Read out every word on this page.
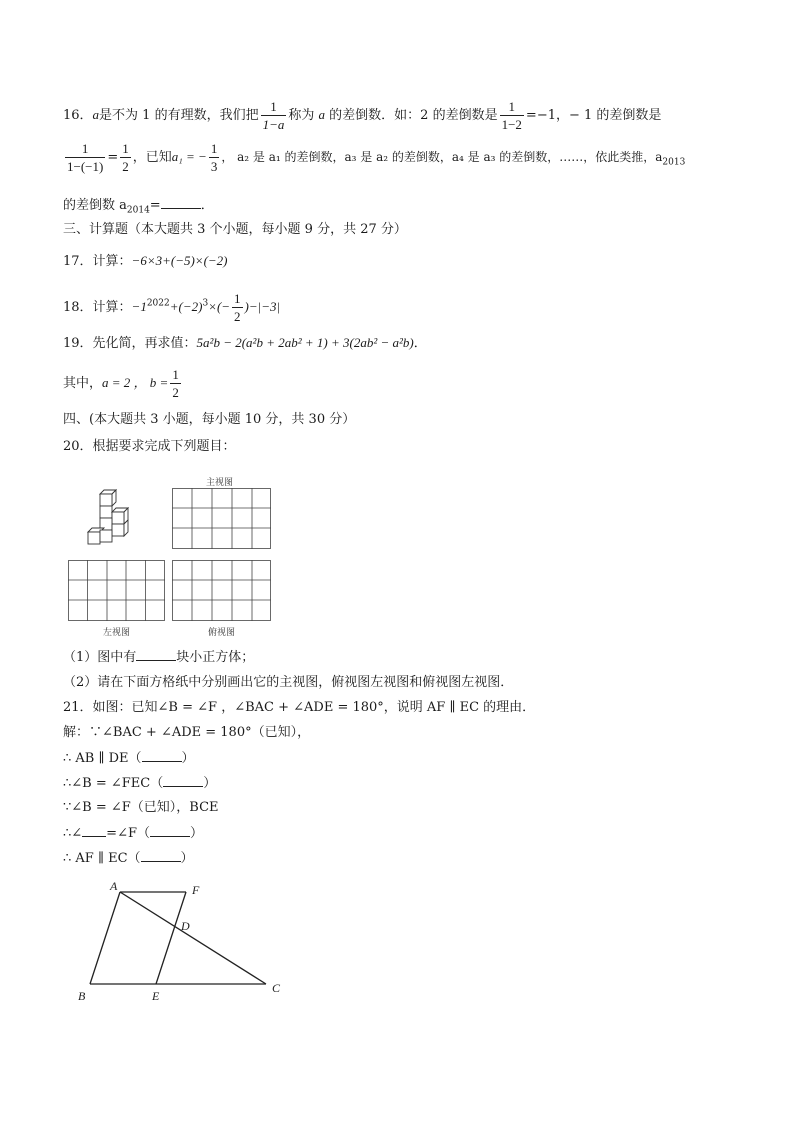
16．a是不为 1 的有理数，我们把 $\frac{1}{1-a}$ 称为 a 的差倒数．如：2 的差倒数是 $\frac{1}{1-2} =-1$，− 1 的差倒数是
$\frac{1}{1-(-1)} = \frac{1}{2}$ ，已知a₁ = − $\frac{1}{3}$ ， a₂ 是 a₁ 的差倒数，a₃ 是 a₂ 的差倒数，a₄ 是 a₃ 的差倒数，……，依此类推，$a_{2013}$
的差倒数 $a_{2014}=$	．
三、计算题（本大题共 3 个小题，每小题 9 分，共 27 分）
17．计算：−6×3+(−5)×(−2)
18．计算：$-1^{2022}+(-2)^3\times(- \frac{1}{2} )-|-3|$
19．先化简，再求值：5a²b − 2(a²b + 2ab² + 1) + 3(2ab² − a²b)．
其中，a = 2 ， $b = \frac{1}{2}$
四、(本大题共 3 小题，每小题 10 分，共 30 分）
20．根据要求完成下列题目：
主视图
左视图	俯视图
（1）图中有	块小正方体；
（2）请在下面方格纸中分别画出它的主视图，俯视图左视图和俯视图左视图．
21．如图：已知∠B = ∠F ，∠BAC + ∠ADE = 180°，说明 AF ∥ EC 的理由．
解：∵∠BAC + ∠ADE = 180°（已知），
∴ AB ∥ DE（	）
∴∠B = ∠FEC（	）
∵∠B = ∠F（已知），BCE
∴∠ =∠F（	）
∴ AF ∥ EC（	）
A	F
D
B	E
C
